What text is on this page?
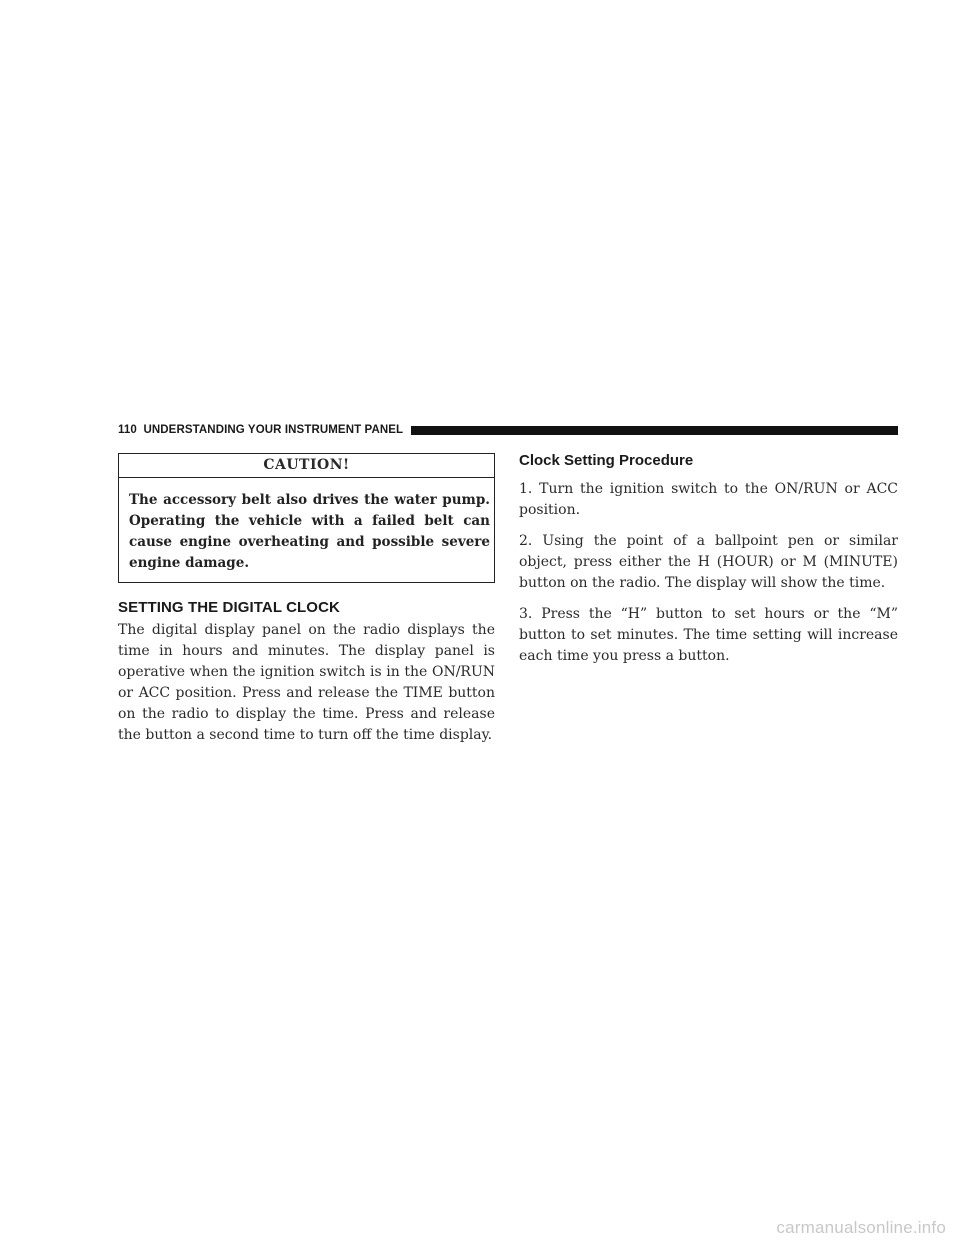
110 UNDERSTANDING YOUR INSTRUMENT PANEL
CAUTION!
The accessory belt also drives the water pump. Operating the vehicle with a failed belt can cause engine overheating and possible severe engine damage.
SETTING THE DIGITAL CLOCK

The digital display panel on the radio displays the time in hours and minutes. The display panel is operative when the ignition switch is in the ON/RUN or ACC position. Press and release the TIME button on the radio to display the time. Press and release the button a second time to turn off the time display.

Clock Setting Procedure

1. Turn the ignition switch to the ON/RUN or ACC position.

2. Using the point of a ballpoint pen or similar object, press either the H (HOUR) or M (MINUTE) button on the radio. The display will show the time.

3. Press the “H” button to set hours or the “M” button to set minutes. The time setting will increase each time you press a button.

carmanualsonline.info
